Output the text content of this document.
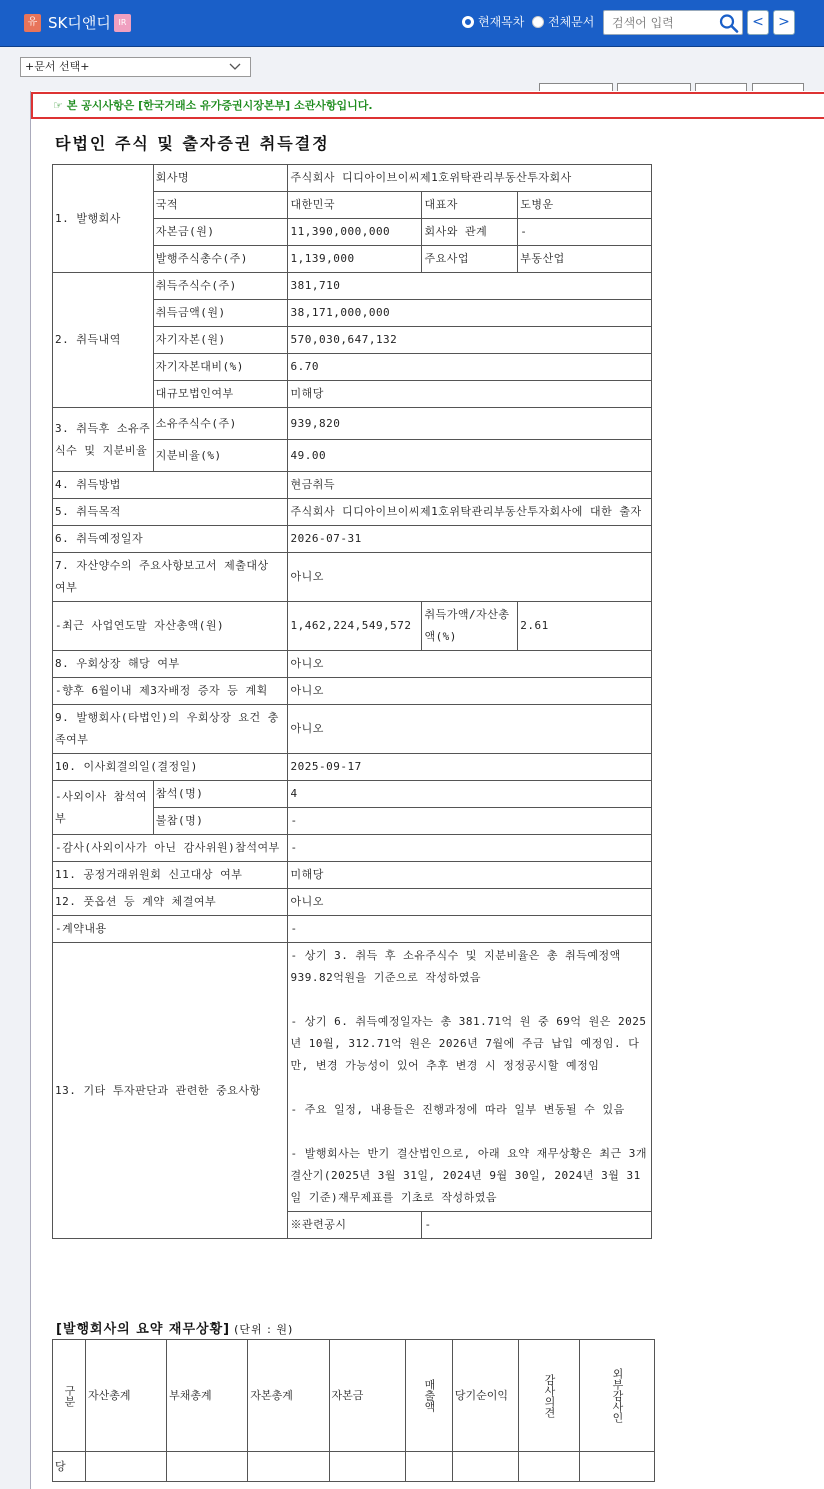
유 SK디앤디 IR	현재목차 전체문서
검색어 입력	<	>
+문서 선택+
☞ 본 공시사항은 [한국거래소 유가증권시장본부] 소관사항입니다.
타법인 주식 및 출자증권 취득결정
1. 발행회사	회사명	주식회사 디디아이브이씨제1호위탁관리부동산투자회사		
	국적	대한민국	대표자	도병운
	자본금(원)	11,390,000,000	회사와 관계	-
	발행주식총수(주)	1,139,000	주요사업	부동산업
2. 취득내역	취득주식수(주)	381,710		
	취득금액(원)	38,171,000,000		
	자기자본(원)	570,030,647,132		
	자기자본대비(%)	6.70		
	대규모법인여부	미해당		
3. 취득후 소유주식수 및 지분비율	소유주식수(주)	939,820		
	지분비율(%)	49.00		
4. 취득방법		현금취득		
5. 취득목적		주식회사 디디아이브이씨제1호위탁관리부동산투자회사에 대한 출자		
6. 취득예정일자		2026-07-31		
7. 자산양수의 주요사항보고서 제출대상 여부		아니오		
-최근 사업연도말 자산총액(원)		1,462,224,549,572	취득가액/자산총액(%)	2.61
8. 우회상장 해당 여부		아니오		
-향후 6월이내 제3자배정 증자 등 계획		아니오		
9. 발행회사(타법인)의 우회상장 요건 충족여부		아니오		
10. 이사회결의일(결정일)		2025-09-17		
-사외이사 참석여부	참석(명)	4		
	불참(명)	-		
-감사(사외이사가 아닌 감사위원)참석여부		-		
11. 공정거래위원회 신고대상 여부		미해당		
12. 풋옵션 등 계약 체결여부		아니오		
-계약내용		-		
13. 기타 투자판단과 관련한 중요사항		- 상기 3. 취득 후 소유주식수 및 지분비율은 총 취득예정액 939.82억원을 기준으로 작성하였음
- 상기 6. 취득예정일자는 총 381.71억 원 중 69억 원은 2025년 10월, 312.71억 원은 2026년 7월에 주금 납입 예정임. 다만, 변경 가능성이 있어 추후 변경 시 정정공시할 예정임
- 주요 일정, 내용들은 진행과정에 따라 일부 변동될 수 있음
- 발행회사는 반기 결산법인으로, 아래 요약 재무상황은 최근 3개 결산기(2025년 3월 31일, 2024년 9월 30일, 2024년 3월 31일 기준)재무제표를 기초로 작성하였음		

		※관련공시	-	
[발행회사의 요약 재무상황] (단위 : 원)
구분	자산총계	부채총계	자본총계	자본금	매출액	당기순이익	감사의견	외부감사인

당								
